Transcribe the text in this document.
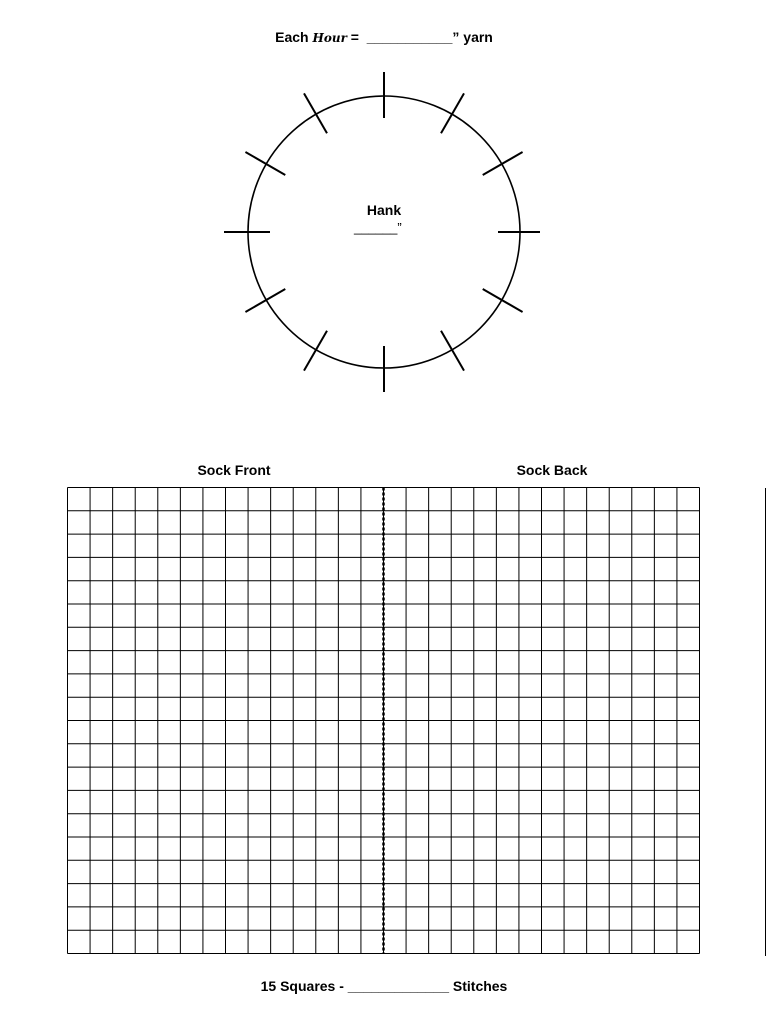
Each Hour =  ___________” yarn
Hank
______”
Sock Front	Sock Back
15 Squares - _____________ Stitches
